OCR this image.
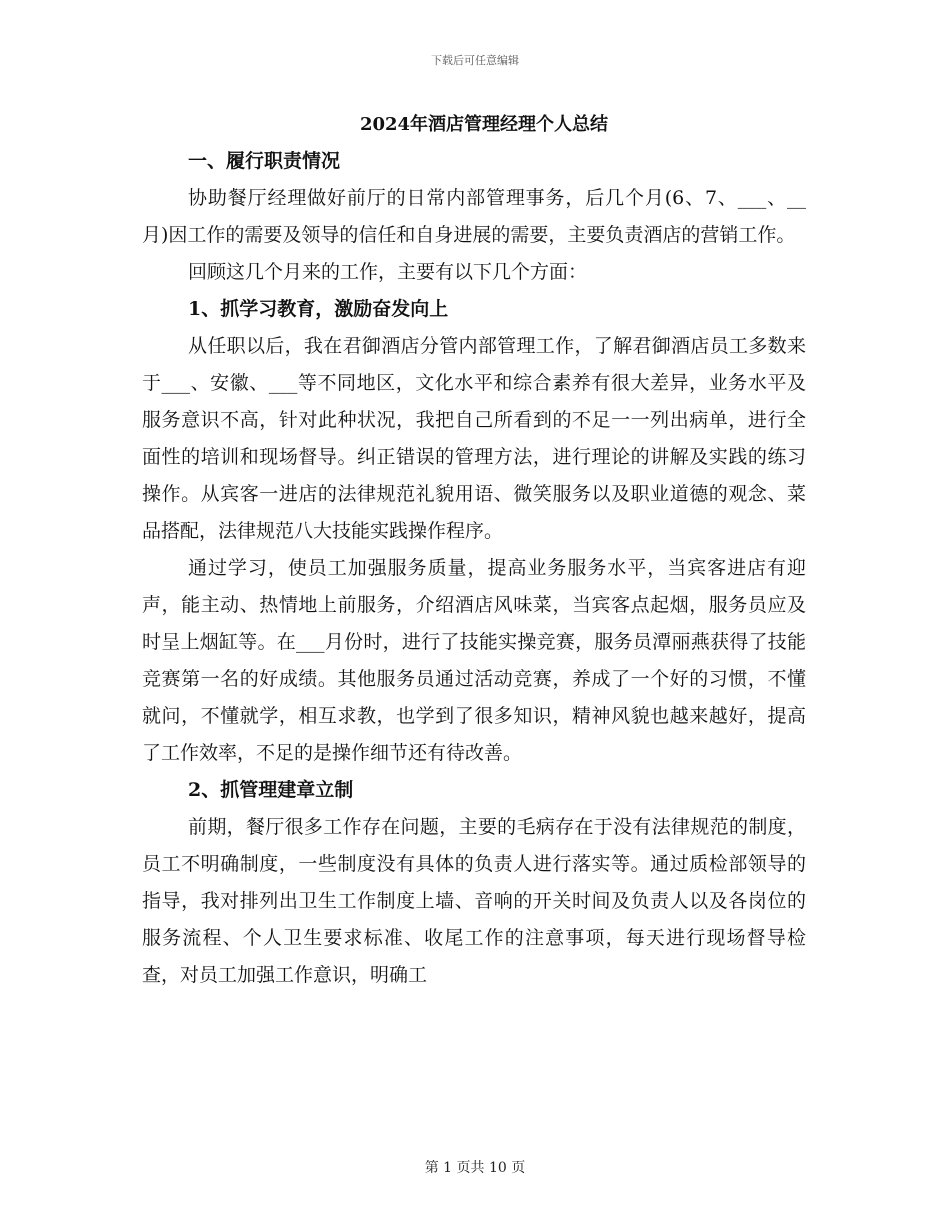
下载后可任意编辑
2024年酒店管理经理个人总结
一、履行职责情况

协助餐厅经理做好前厅的日常内部管理事务，后几个月(6、7、___、__月)因工作的需要及领导的信任和自身进展的需要，主要负责酒店的营销工作。

回顾这几个月来的工作，主要有以下几个方面：

1、抓学习教育，激励奋发向上

从任职以后，我在君御酒店分管内部管理工作，了解君御酒店员工多数来于___、安徽、___等不同地区，文化水平和综合素养有很大差异，业务水平及服务意识不高，针对此种状况，我把自己所看到的不足一一列出病单，进行全面性的培训和现场督导。纠正错误的管理方法，进行理论的讲解及实践的练习操作。从宾客一进店的法律规范礼貌用语、微笑服务以及职业道德的观念、菜品搭配，法律规范八大技能实践操作程序。

通过学习，使员工加强服务质量，提高业务服务水平，当宾客进店有迎声，能主动、热情地上前服务，介绍酒店风味菜，当宾客点起烟，服务员应及时呈上烟缸等。在___月份时，进行了技能实操竞赛，服务员潭丽燕获得了技能竞赛第一名的好成绩。其他服务员通过活动竞赛，养成了一个好的习惯，不懂就问，不懂就学，相互求教，也学到了很多知识，精神风貌也越来越好，提高了工作效率，不足的是操作细节还有待改善。

2、抓管理建章立制

前期，餐厅很多工作存在问题，主要的毛病存在于没有法律规范的制度，员工不明确制度，一些制度没有具体的负责人进行落实等。通过质检部领导的指导，我对排列出卫生工作制度上墙、音响的开关时间及负责人以及各岗位的服务流程、个人卫生要求标准、收尾工作的注意事项，每天进行现场督导检查，对员工加强工作意识，明确工

第 1 页共 10 页
